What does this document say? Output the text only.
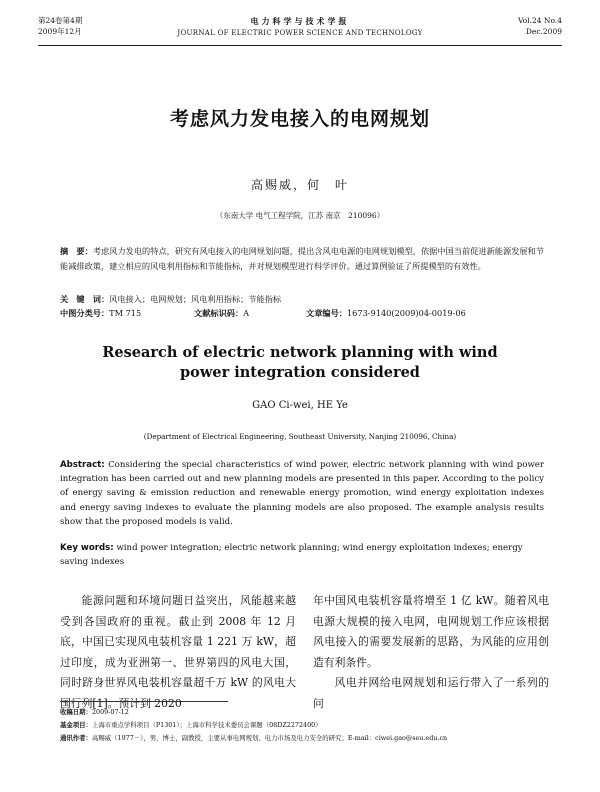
第24卷第4期
2009年12月
电力科学与技术学报
JOURNAL OF ELECTRIC POWER SCIENCE AND TECHNOLOGY
Vol.24 No.4
Dec.2009
考虑风力发电接入的电网规划
高赐威，何　叶
（东南大学 电气工程学院，江苏 南京　210096）
摘　要：考虑风力发电的特点，研究有风电接入的电网规划问题，提出含风电电源的电网规划模型，依据中国当前促进新能源发展和节能减排政策，建立相应的风电利用指标和节能指标，并对规划模型进行科学评价。通过算例验证了所提模型的有效性。
关　键　词：风电接入；电网规划；风电利用指标；节能指标
中图分类号：TM 715	文献标识码：A	文章编号：1673-9140(2009)04-0019-06
Research of electric network planning with wind
power integration considered
GAO Ci-wei, HE Ye
(Department of Electrical Engineering, Southeast University, Nanjing 210096, China)
Abstract: Considering the special characteristics of wind power, electric network planning with wind power integration has been carried out and new planning models are presented in this paper. According to the policy of energy saving & emission reduction and renewable energy promotion, wind energy exploitation indexes and energy saving indexes to evaluate the planning models are also proposed. The example analysis results show that the proposed models is valid.
Key words: wind power integration; electric network planning; wind energy exploitation indexes; energy saving indexes
能源问题和环境问题日益突出，风能越来越受到各国政府的重视。截止到 2008 年 12 月底，中国已实现风电装机容量 1 221 万 kW，超过印度，成为亚洲第一、世界第四的风电大国，同时跻身世界风电装机容量超千万 kW 的风电大国行列[1]。预计到 2020
年中国风电装机容量将增至 1 亿 kW。随着风电电源大规模的接入电网，电网规划工作应该根据风电接入的需要发展新的思路，为风能的应用创造有利条件。
风电并网给电网规划和运行带入了一系列的问
收稿日期：2009-07-12
基金项目：上海市重点学科项目（P1301）；上海市科学技术委员会课题（08DZ2272400）
通讯作者：高赐威（1977－），男，博士，副教授，主要从事电网规划、电力市场及电力安全的研究；E-mail：ciwei.gao@seu.edu.cn
